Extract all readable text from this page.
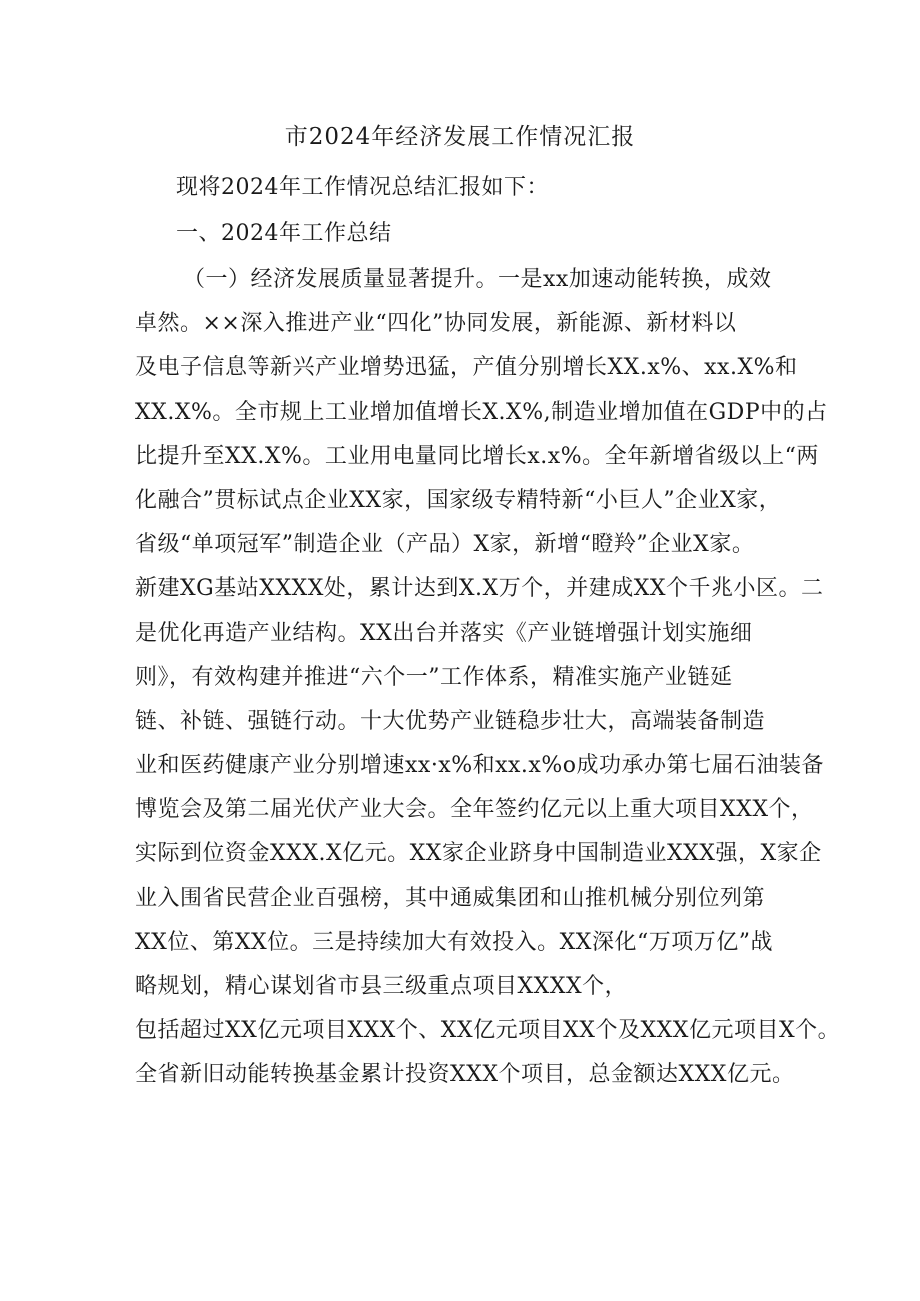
市2024年经济发展工作情况汇报
现将2024年工作情况总结汇报如下：
一、2024年工作总结
（一）经济发展质量显著提升。一是xx加速动能转换，成效
卓然。××深入推进产业“四化”协同发展，新能源、新材料以
及电子信息等新兴产业增势迅猛，产值分别增长XX.x%、xx.X%和
XX.X%。全市规上工业增加值增长X.X%,制造业增加值在GDP中的占
比提升至XX.X%。工业用电量同比增长x.x%。全年新增省级以上“两
化融合”贯标试点企业XX家，国家级专精特新“小巨人”企业X家，
省级“单项冠军”制造企业（产品）X家，新增“瞪羚”企业X家。
新建XG基站XXXX处，累计达到X.X万个，并建成XX个千兆小区。二
是优化再造产业结构。XX出台并落实《产业链增强计划实施细
则》，有效构建并推进“六个一”工作体系，精准实施产业链延
链、补链、强链行动。十大优势产业链稳步壮大，高端装备制造
业和医药健康产业分别增速xx·x%和xx.x%o成功承办第七届石油装备
博览会及第二届光伏产业大会。全年签约亿元以上重大项目XXX个，
实际到位资金XXX.X亿元。XX家企业跻身中国制造业XXX强，X家企
业入围省民营企业百强榜，其中通威集团和山推机械分别位列第
XX位、第XX位。三是持续加大有效投入。XX深化“万项万亿”战
略规划，精心谋划省市县三级重点项目XXXX个，
包括超过XX亿元项目XXX个、XX亿元项目XX个及XXX亿元项目X个。
全省新旧动能转换基金累计投资XXX个项目，总金额达XXX亿元。
